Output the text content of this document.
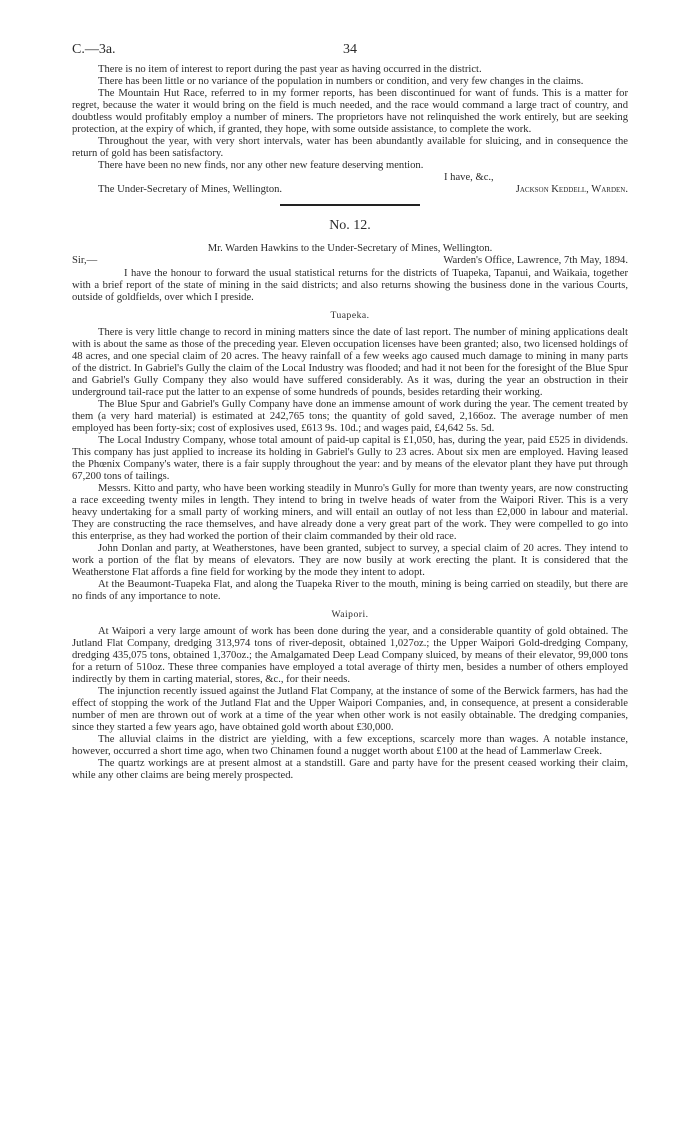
C.—3a.	34

There is no item of interest to report during the past year as having occurred in the district.

There has been little or no variance of the population in numbers or condition, and very few changes in the claims.

The Mountain Hut Race, referred to in my former reports, has been discontinued for want of funds. This is a matter for regret, because the water it would bring on the field is much needed, and the race would command a large tract of country, and doubtless would profitably employ a number of miners. The proprietors have not relinquished the work entirely, but are seeking protection, at the expiry of which, if granted, they hope, with some outside assistance, to complete the work.

Throughout the year, with very short intervals, water has been abundantly available for sluicing, and in consequence the return of gold has been satisfactory.

There have been no new finds, nor any other new feature deserving mention.

I have, &c.,
The Under-Secretary of Mines, Wellington.	Jackson Keddell, Warden.
No. 12.
Mr. Warden Hawkins to the Under-Secretary of Mines, Wellington.
Sir,—	Warden's Office, Lawrence, 7th May, 1894.

I have the honour to forward the usual statistical returns for the districts of Tuapeka, Tapanui, and Waikaia, together with a brief report of the state of mining in the said districts; and also returns showing the business done in the various Courts, outside of goldfields, over which I preside.

Tuapeka.

There is very little change to record in mining matters since the date of last report. The number of mining applications dealt with is about the same as those of the preceding year. Eleven occupation licenses have been granted; also, two licensed holdings of 48 acres, and one special claim of 20 acres. The heavy rainfall of a few weeks ago caused much damage to mining in many parts of the district. In Gabriel's Gully the claim of the Local Industry was flooded; and had it not been for the foresight of the Blue Spur and Gabriel's Gully Company they also would have suffered considerably. As it was, during the year an obstruction in their underground tail-race put the latter to an expense of some hundreds of pounds, besides retarding their working.

The Blue Spur and Gabriel's Gully Company have done an immense amount of work during the year. The cement treated by them (a very hard material) is estimated at 242,765 tons; the quantity of gold saved, 2,166oz. The average number of men employed has been forty-six; cost of explosives used, £613 9s. 10d.; and wages paid, £4,642 5s. 5d.

The Local Industry Company, whose total amount of paid-up capital is £1,050, has, during the year, paid £525 in dividends. This company has just applied to increase its holding in Gabriel's Gully to 23 acres. About six men are employed. Having leased the Phœnix Company's water, there is a fair supply throughout the year: and by means of the elevator plant they have put through 67,200 tons of tailings.

Messrs. Kitto and party, who have been working steadily in Munro's Gully for more than twenty years, are now constructing a race exceeding twenty miles in length. They intend to bring in twelve heads of water from the Waipori River. This is a very heavy undertaking for a small party of working miners, and will entail an outlay of not less than £2,000 in labour and material. They are constructing the race themselves, and have already done a very great part of the work. They were compelled to go into this enterprise, as they had worked the portion of their claim commanded by their old race.

John Donlan and party, at Weatherstones, have been granted, subject to survey, a special claim of 20 acres. They intend to work a portion of the flat by means of elevators. They are now busily at work erecting the plant. It is considered that the Weatherstone Flat affords a fine field for working by the mode they intent to adopt.

At the Beaumont-Tuapeka Flat, and along the Tuapeka River to the mouth, mining is being carried on steadily, but there are no finds of any importance to note.

Waipori.

At Waipori a very large amount of work has been done during the year, and a considerable quantity of gold obtained. The Jutland Flat Company, dredging 313,974 tons of river-deposit, obtained 1,027oz.; the Upper Waipori Gold-dredging Company, dredging 435,075 tons, obtained 1,370oz.; the Amalgamated Deep Lead Company sluiced, by means of their elevator, 99,000 tons for a return of 510oz. These three companies have employed a total average of thirty men, besides a number of others employed indirectly by them in carting material, stores, &c., for their needs.

The injunction recently issued against the Jutland Flat Company, at the instance of some of the Berwick farmers, has had the effect of stopping the work of the Jutland Flat and the Upper Waipori Companies, and, in consequence, at present a considerable number of men are thrown out of work at a time of the year when other work is not easily obtainable. The dredging companies, since they started a few years ago, have obtained gold worth about £30,000.

The alluvial claims in the district are yielding, with a few exceptions, scarcely more than wages. A notable instance, however, occurred a short time ago, when two Chinamen found a nugget worth about £100 at the head of Lammerlaw Creek.

The quartz workings are at present almost at a standstill. Gare and party have for the present ceased working their claim, while any other claims are being merely prospected.
